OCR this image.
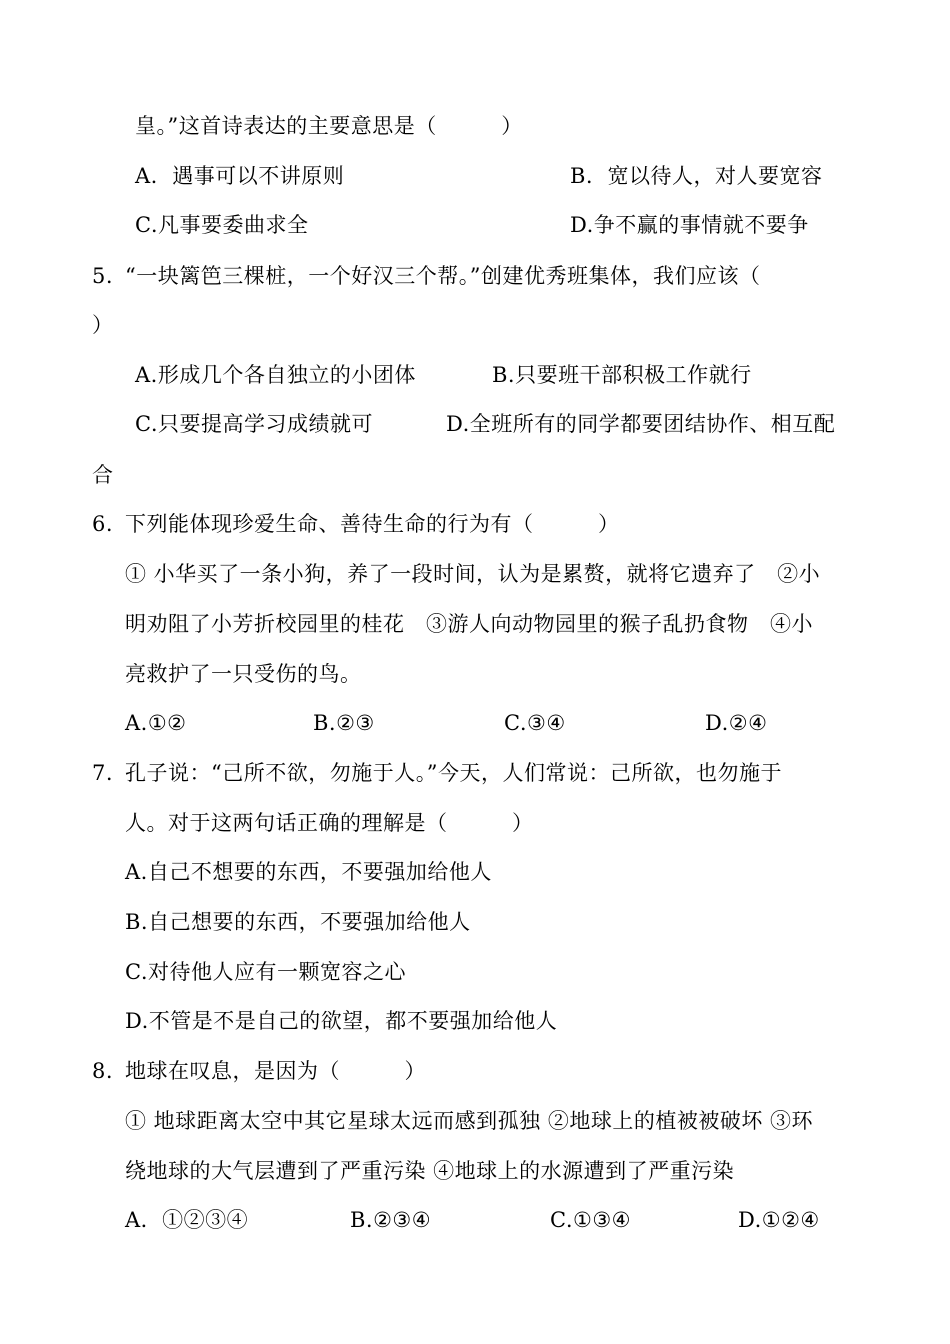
皇。”这首诗表达的主要意思是（　　　）
A.  遇事可以不讲原则	B.  宽以待人，对人要宽容
C.凡事要委曲求全	D.争不赢的事情就不要争
5. “一块篱笆三棵桩，一个好汉三个帮。”创建优秀班集体，我们应该（
）
A.形成几个各自独立的小团体	B.只要班干部积极工作就行
C.只要提高学习成绩就可	D.全班所有的同学都要团结协作、相互配
合
6. 下列能体现珍爱生命、善待生命的行为有（　　　）
① 小华买了一条小狗，养了一段时间，认为是累赘，就将它遗弃了　②小
明劝阻了小芳折校园里的桂花　③游人向动物园里的猴子乱扔食物　④小
亮救护了一只受伤的鸟。
A.①②	B.②③	C.③④	D.②④
7. 孔子说：“己所不欲，勿施于人。”今天，人们常说：己所欲，也勿施于
人。对于这两句话正确的理解是（　　　）
A.自己不想要的东西，不要强加给他人
B.自己想要的东西，不要强加给他人
C.对待他人应有一颗宽容之心
D.不管是不是自己的欲望，都不要强加给他人
8. 地球在叹息，是因为（　　　）
① 地球距离太空中其它星球太远而感到孤独 ②地球上的植被被破坏 ③环
绕地球的大气层遭到了严重污染 ④地球上的水源遭到了严重污染
A．①②③④	B.②③④	C.①③④	D.①②④
